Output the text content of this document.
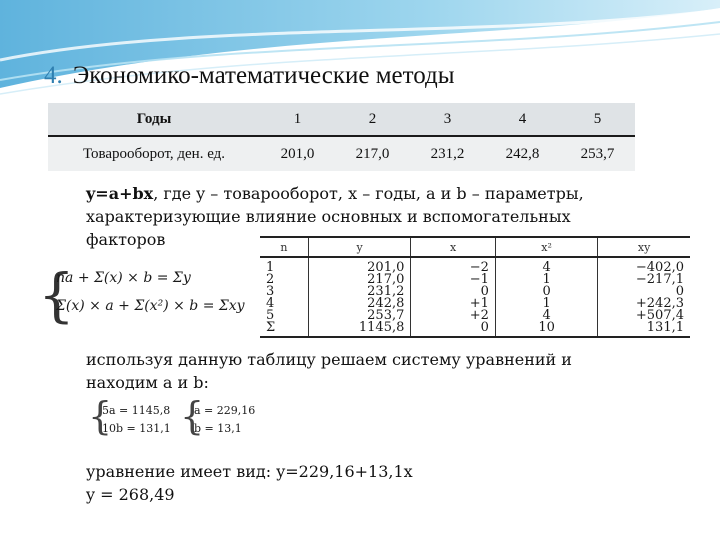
4. Экономико-математические методы
Годы	1	2	3	4	5
Товарооборот, ден. ед.	201,0	217,0	231,2	242,8	253,7
y=a+bx, где y – товарооборот, x – годы, a и b – параметры, характеризующие влияние основных и вспомогательных факторов
{
na + Σ(x) × b = Σy
Σ(x) × a + Σ(x²) × b = Σxy
n	y	x	x²	xy
1	201,0	−2	4	−402,0
2	217,0	−1	1	−217,1
3	231,2	0	0	0
4	242,8	+1	1	+242,3
5	253,7	+2	4	+507,4
Σ	1145,8	0	10	131,1
используя данную таблицу решаем систему уравнений и находим a и b:
{
5a = 1145,8
10b = 131,1 {
a = 229,16
b = 13,1
уравнение имеет вид: y=229,16+13,1x
y = 268,49
